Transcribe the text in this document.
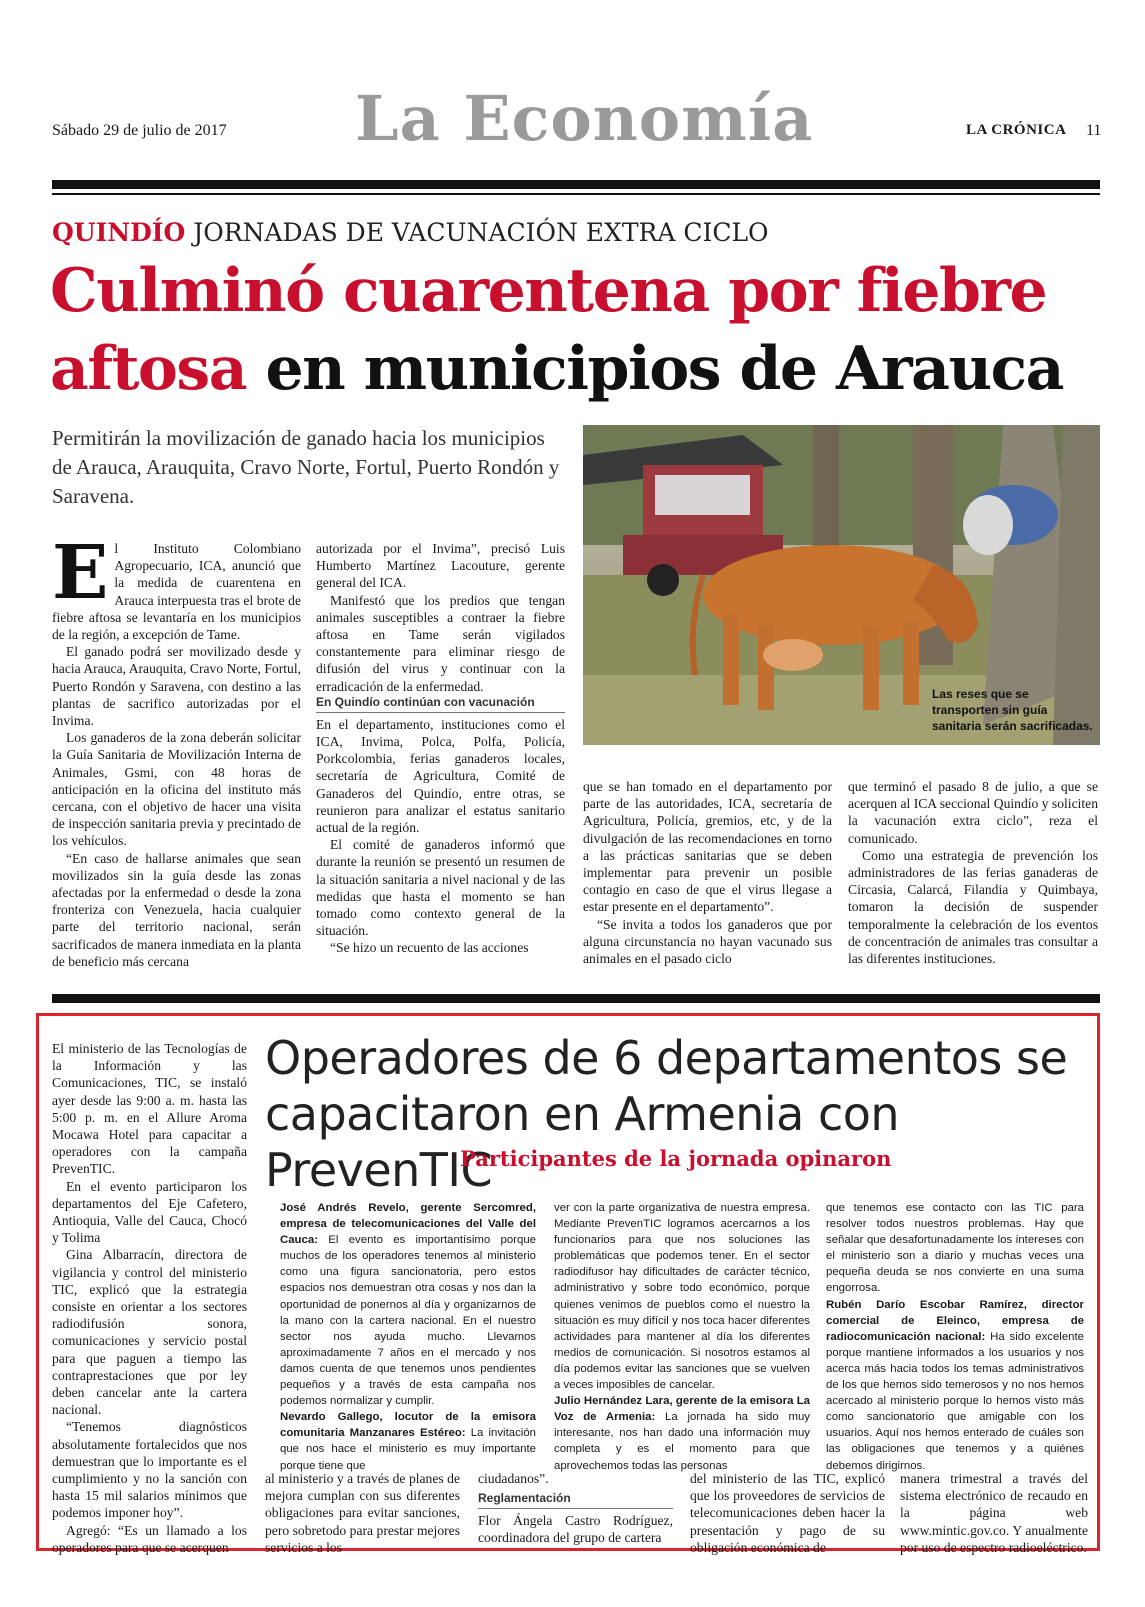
Sábado 29 de julio de 2017 La Economía	LA CRÓNICA 11
QUINDÍO JORNADAS DE VACUNACIÓN EXTRA CICLO
Culminó cuarentena por fiebre
aftosa en municipios de Arauca
Permitirán la movilización de ganado hacia los municipios de Arauca, Arauquita, Cravo Norte, Fortul, Puerto Rondón y Saravena.
Las reses que se transporten sin guía sanitaria serán sacrificadas.
E l Instituto Colombiano Agropecuario, ICA, anunció que la medida de cuarentena en Arauca interpuesta tras el brote de fiebre aftosa se levantaría en los municipios de la región, a excepción de Tame.

El ganado podrá ser movilizado desde y hacia Arauca, Arauquita, Cravo Norte, Fortul, Puerto Rondón y Saravena, con destino a las plantas de sacrifico autorizadas por el Invima.

Los ganaderos de la zona deberán solicitar la Guía Sanitaria de Movilización Interna de Animales, Gsmi, con 48 horas de anticipación en la oficina del instituto más cercana, con el objetivo de hacer una visita de inspección sanitaria previa y precintado de los vehículos.

“En caso de hallarse animales que sean movilizados sin la guía desde las zonas afectadas por la enfermedad o desde la zona fronteriza con Venezuela, hacia cualquier parte del territorio nacional, serán sacrificados de manera inmediata en la planta de beneficio más cercana

autorizada por el Invima”, precisó Luis Humberto Martínez Lacouture, gerente general del ICA.

Manifestó que los predios que tengan animales susceptibles a contraer la fiebre aftosa en Tame serán vigilados constantemente para eliminar riesgo de difusión del virus y continuar con la erradicación de la enfermedad.

En Quindío continúan con vacunación

En el departamento, instituciones como el ICA, Invima, Polca, Polfa, Policía, Porkcolombia, ferias ganaderos locales, secretaría de Agricultura, Comité de Ganaderos del Quindío, entre otras, se reunieron para analizar el estatus sanitario actual de la región.

El comité de ganaderos informó que durante la reunión se presentó un resumen de la situación sanitaria a nivel nacional y de las medidas que hasta el momento se han tomado como contexto general de la situación.

“Se hizo un recuento de las acciones

que se han tomado en el departamento por parte de las autoridades, ICA, secretaría de Agricultura, Policía, gremios, etc, y de la divulgación de las recomendaciones en torno a las prácticas sanitarias que se deben implementar para prevenir un posible contagio en caso de que el virus llegase a estar presente en el departamento”.

“Se invita a todos los ganaderos que por alguna circunstancia no hayan vacunado sus animales en el pasado ciclo

que terminó el pasado 8 de julio, a que se acerquen al ICA seccional Quindío y soliciten la vacunación extra ciclo”, reza el comunicado.

Como una estrategia de prevención los administradores de las ferias ganaderas de Circasia, Calarcá, Filandia y Quimbaya, tomaron la decisión de suspender temporalmente la celebración de los eventos de concentración de animales tras consultar a las diferentes instituciones.

El ministerio de las Tecnologías de la Información y las Comunicaciones, TIC, se instaló ayer desde las 9:00 a. m. hasta las 5:00 p. m. en el Allure Aroma Mocawa Hotel para capacitar a operadores con la campaña PrevenTIC.

En el evento participaron los departamentos del Eje Cafetero, Antioquia, Valle del Cauca, Chocó y Tolima

Gina Albarracín, directora de vigilancia y control del ministerio TIC, explicó que la estrategia consiste en orientar a los sectores radiodifusión sonora, comunicaciones y servicio postal para que paguen a tiempo las contraprestaciones que por ley deben cancelar ante la cartera nacional.

“Tenemos diagnósticos absolutamente fortalecidos que nos demuestran que lo importante es el cumplimiento y no la sanción con hasta 15 mil salarios mínimos que podemos imponer hoy”.

Agregó: “Es un llamado a los operadores para que se acerquen

Operadores de 6 departamentos se capacitaron en Armenia con PrevenTIC
Participantes de la jornada opinaron

José Andrés Revelo, gerente Sercomred, empresa de telecomunicaciones del Valle del Cauca: El evento es importantísimo porque muchos de los operadores tenemos al ministerio como una figura sancionatoria, pero estos espacios nos demuestran otra cosas y nos dan la oportunidad de ponernos al día y organizarnos de la mano con la cartera nacional. En el nuestro sector nos ayuda mucho. Llevamos aproximadamente 7 años en el mercado y nos damos cuenta de que tenemos unos pendientes pequeños y a través de esta campaña nos podemos normalizar y cumplir.

Nevardo Gallego, locutor de la emisora comunitaria Manzanares Estéreo: La invitación que nos hace el ministerio es muy importante porque tiene que

ver con la parte organizativa de nuestra empresa. Mediante PrevenTIC logramos acercarnos a los funcionarios para que nos soluciones las problemáticas que podemos tener. En el sector radiodifusor hay dificultades de carácter técnico, administrativo y sobre todo económico, porque quienes venimos de pueblos como el nuestro la situación es muy difícil y nos toca hacer diferentes actividades para mantener al día los diferentes medios de comunicación. Si nosotros estamos al día podemos evitar las sanciones que se vuelven a veces imposibles de cancelar.

Julio Hernández Lara, gerente de la emisora La Voz de Armenia: La jornada ha sido muy interesante, nos han dado una información muy completa y es el momento para que aprovechemos todas las personas

que tenemos ese contacto con las TIC para resolver todos nuestros problemas. Hay que señalar que desafortunadamente los intereses con el ministerio son a diario y muchas veces una pequeña deuda se nos convierte en una suma engorrosa.

Rubén Darío Escobar Ramírez, director comercial de Eleinco, empresa de radiocomunicación nacional: Ha sido excelente porque mantiene informados a los usuarios y nos acerca más hacia todos los temas administrativos de los que hemos sido temerosos y no nos hemos acercado al ministerio porque lo hemos visto más como sancionatorio que amigable con los usuarios. Aquí nos hemos enterado de cuáles son las obligaciones que tenemos y a quiénes debemos dirigirnos.

al ministerio y a través de planes de mejora cumplan con sus diferentes obligaciones para evitar sanciones, pero sobretodo para prestar mejores servicios a los

ciudadanos”.

Reglamentación

Flor Ángela Castro Rodríguez, coordinadora del grupo de cartera

del ministerio de las TIC, explicó que los proveedores de servicios de telecomunicaciones deben hacer la presentación y pago de su obligación económica de

manera trimestral a través del sistema electrónico de recaudo en la página web www.mintic.gov.co. Y anualmente por uso de espectro radioeléctrico.
